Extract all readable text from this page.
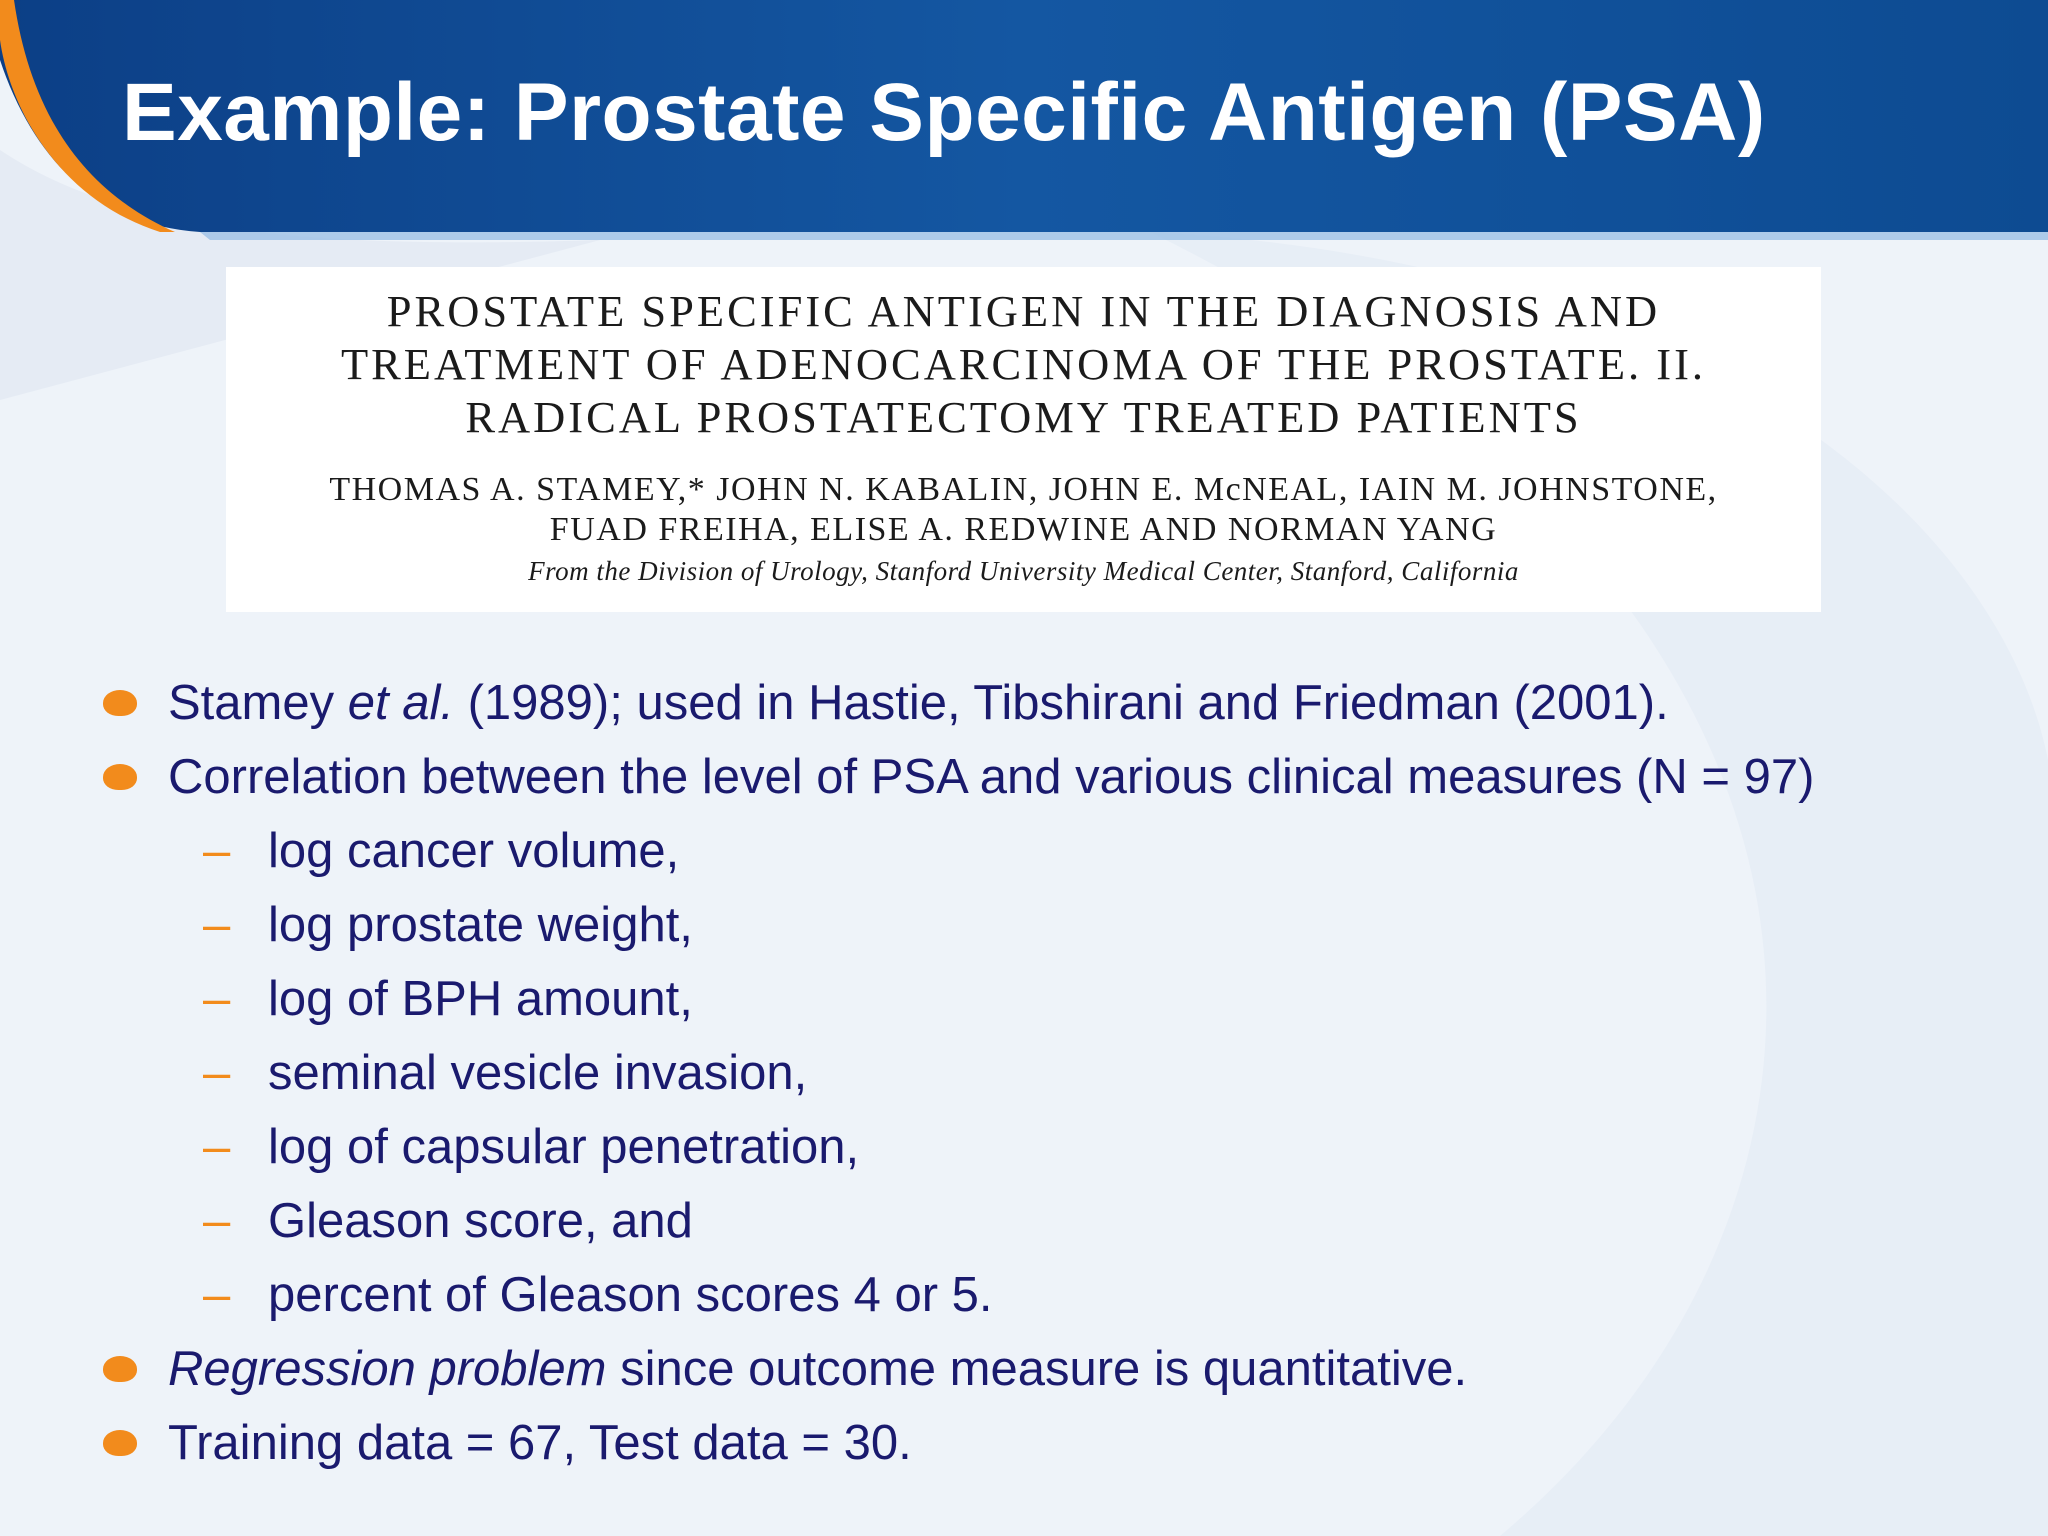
Example: Prostate Specific Antigen (PSA)
PROSTATE SPECIFIC ANTIGEN IN THE DIAGNOSIS AND
TREATMENT OF ADENOCARCINOMA OF THE PROSTATE. II.
RADICAL PROSTATECTOMY TREATED PATIENTS
THOMAS A. STAMEY,* JOHN N. KABALIN, JOHN E. McNEAL, IAIN M. JOHNSTONE,
FUAD FREIHA, ELISE A. REDWINE AND NORMAN YANG
From the Division of Urology, Stanford University Medical Center, Stanford, California
Stamey et al. (1989); used in Hastie, Tibshirani and Friedman (2001).
Correlation between the level of PSA and various clinical measures (N = 97)
– log cancer volume,
– log prostate weight,
– log of BPH amount,
– seminal vesicle invasion,
– log of capsular penetration,
– Gleason score, and
– percent of Gleason scores 4 or 5.
Regression problem since outcome measure is quantitative.
Training data = 67, Test data = 30.
